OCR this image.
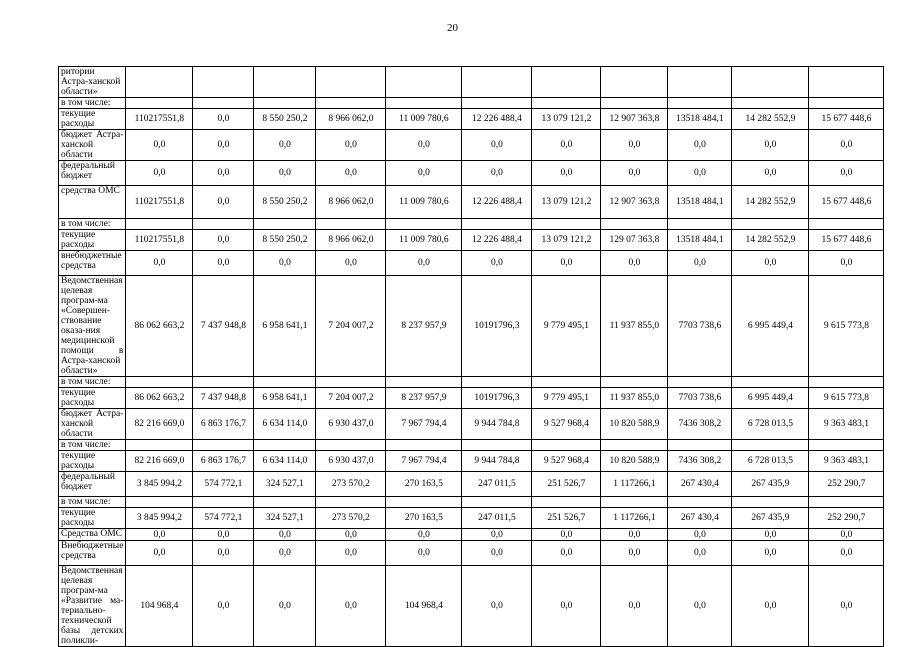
20
ритории Астра-ханской области»											
в том числе:											
текущие расходы	110217551,8	0,0	8 550 250,2	8 966 062,0	11 009 780,6	12 226 488,4	13 079 121,2	12 907 363,8	13518 484,1	14 282 552,9	15 677 448,6
бюджет Астра-ханской области	0,0	0,0	0,0	0,0	0,0	0,0	0,0	0,0	0,0	0,0	0,0
федеральный бюджет	0,0	0,0	0,0	0,0	0,0	0,0	0,0	0,0	0,0	0,0	0,0
средства ОМС	110217551,8	0,0	8 550 250,2	8 966 062,0	11 009 780,6	12 226 488,4	13 079 121,2	12 907 363,8	13518 484,1	14 282 552,9	15 677 448,6
в том числе:											
текущие расходы	110217551,8	0,0	8 550 250,2	8 966 062,0	11 009 780,6	12 226 488,4	13 079 121,2	129 07 363,8	13518 484,1	14 282 552,9	15 677 448,6
внебюджетные средства	0,0	0,0	0,0	0,0	0,0	0,0	0,0	0,0	0,0	0,0	0,0
Ведомственная целевая програм-ма «Совершен-ствование оказа-ния медицинской помощи в Астра-ханской области»	86 062 663,2	7 437 948,8	6 958 641,1	7 204 007,2	8 237 957,9	10191796,3	9 779 495,1	11 937 855,0	7703 738,6	6 995 449,4	9 615 773,8
в том числе:											
текущие расходы	86 062 663,2	7 437 948,8	6 958 641,1	7 204 007,2	8 237 957,9	10191796,3	9 779 495,1	11 937 855,0	7703 738,6	6 995 449,4	9 615 773,8
бюджет Астра-ханской области	82 216 669,0	6 863 176,7	6 634 114,0	6 930 437,0	7 967 794,4	9 944 784,8	9 527 968,4	10 820 588,9	7436 308,2	6 728 013,5	9 363 483,1
в том числе:											
текущие расходы	82 216 669,0	6 863 176,7	6 634 114,0	6 930 437,0	7 967 794,4	9 944 784,8	9 527 968,4	10 820 588,9	7436 308,2	6 728 013,5	9 363 483,1
федеральный бюджет	3 845 994,2	574 772,1	324 527,1	273 570,2	270 163,5	247 011,5	251 526,7	1 117266,1	267 430,4	267 435,9	252 290,7
в том числе:											
текущие расходы	3 845 994,2	574 772,1	324 527,1	273 570,2	270 163,5	247 011,5	251 526,7	1 117266,1	267 430,4	267 435,9	252 290,7
Средства ОМС	0,0	0,0	0,0	0,0	0,0	0,0	0,0	0,0	0,0	0,0	0,0
Внебюджетные средства	0,0	0,0	0,0	0,0	0,0	0,0	0,0	0,0	0,0	0,0	0,0
Ведомственная целевая програм-ма «Развитие ма-териально-технической базы детских поликли-	104 968,4	0,0	0,0	0,0	104 968,4	0,0	0,0	0,0	0,0	0,0	0,0
